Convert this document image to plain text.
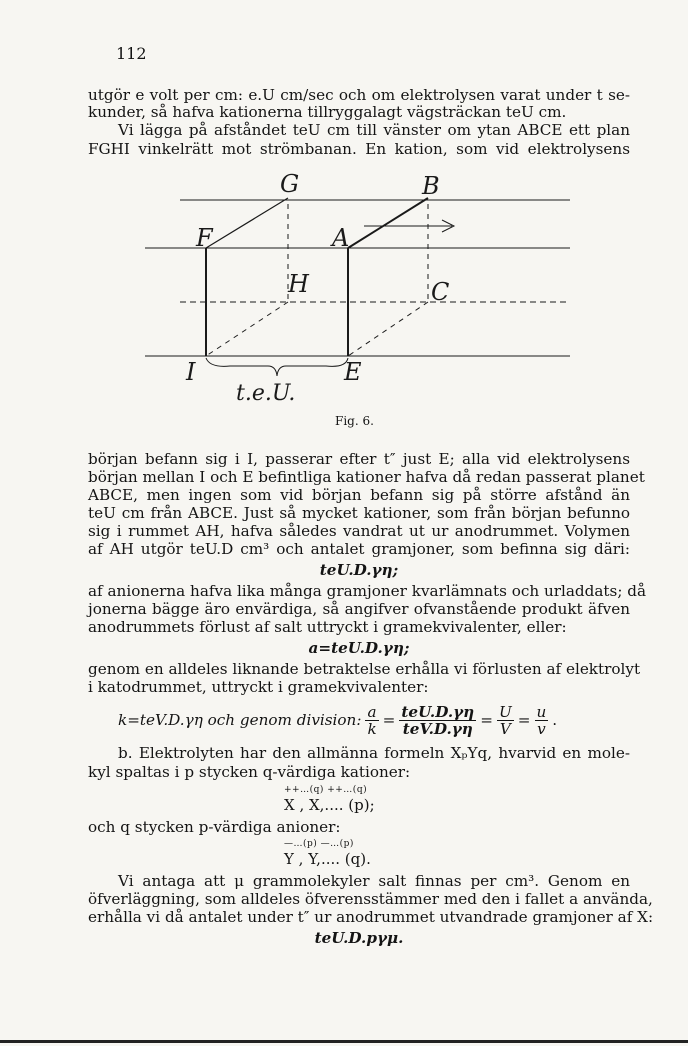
112
utgör e volt per cm: e.U cm/sec och om elektrolysen varat under t se-
kunder, så hafva kationerna tillryggalagt vägsträckan teU cm.
Vi lägga på afståndet teU cm till vänster om ytan ABCE ett plan
FGHI vinkelrätt mot strömbanan. En kation, som vid elektrolysens
G	B
F	A
H	C
I	E
t.e.U.
Fig. 6.
början befann sig i I, passerar efter t″ just E; alla vid elektrolysens
början mellan I och E befintliga kationer hafva då redan passerat planet
ABCE, men ingen som vid början befann sig på större afstånd än
teU cm från ABCE. Just så mycket kationer, som från början befunno
sig i rummet AH, hafva således vandrat ut ur anodrummet. Volymen
af AH utgör teU.D cm³ och antalet gramjoner, som befinna sig däri:
teU.D.γη;
af anionerna hafva lika många gramjoner kvarlämnats och urladdats; då
jonerna bägge äro envärdiga, så angifver ofvanstående produkt äfven
anodrummets förlust af salt uttryckt i gramekvivalenter, eller:
a=teU.D.γη;
genom en alldeles liknande betraktelse erhålla vi förlusten af elektrolyt
i katodrummet, uttryckt i gramekvivalenter:
k=teV.D.γη och genom division: $\frac{a}{k} = \frac{\text{teU.D.γη}}{\text{teV.D.γη}} = \frac{U}{V} = \frac{u}{v}$ .
b. Elektrolyten har den allmänna formeln XₚYq, hvarvid en mole-
kyl spaltas i p stycken q-värdiga kationer:
++…(q) ++…(q)
X , X,.... (p);
och q stycken p-värdiga anioner:
—…(p) —…(p)
Y , Y,.... (q).
Vi antaga att μ grammolekyler salt finnas per cm³. Genom en
öfverläggning, som alldeles öfverensstämmer med den i fallet a använda,
erhålla vi då antalet under t″ ur anodrummet utvandrade gramjoner af X:
teU.D.pγμ.
